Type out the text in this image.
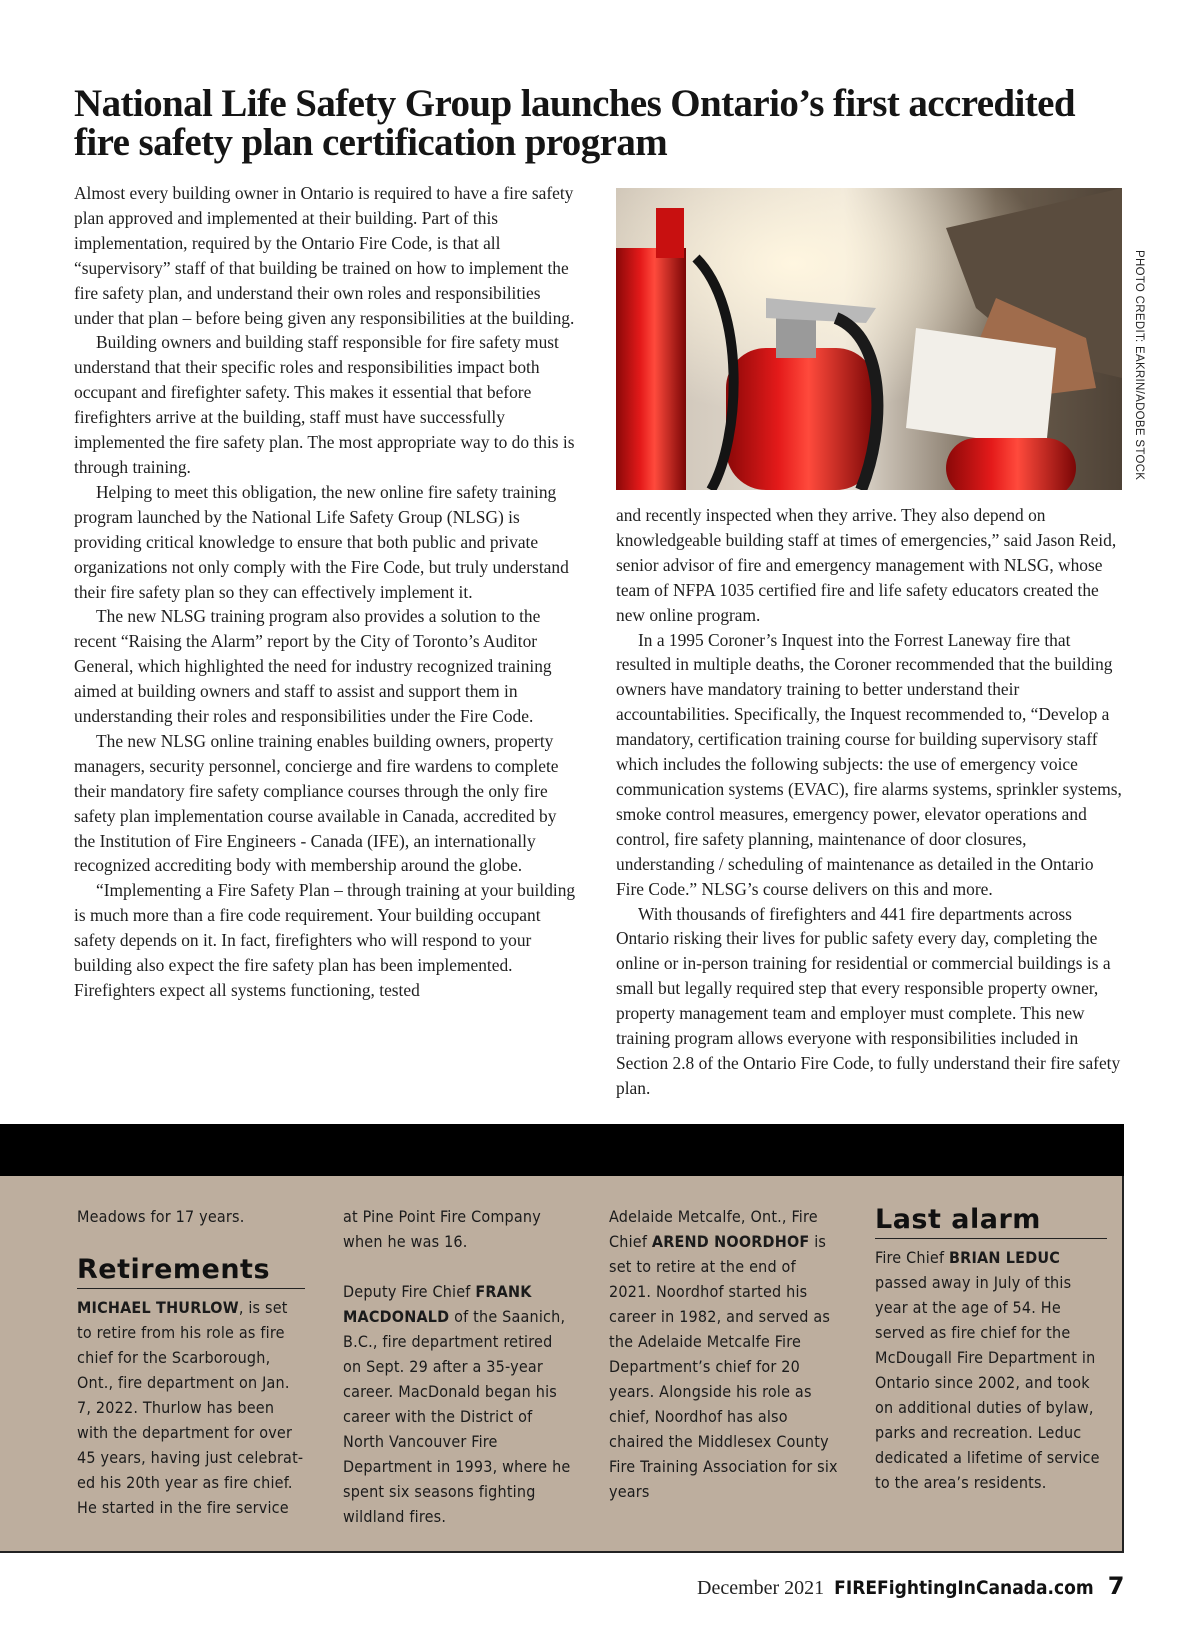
National Life Safety Group launches Ontario’s first accredited fire safety plan certification program

Almost every building owner in Ontario is required to have a fire safety plan approved and implemented at their building. Part of this implementation, required by the Ontario Fire Code, is that all “supervisory” staff of that building be trained on how to implement the fire safety plan, and understand their own roles and responsibilities under that plan – before being given any responsibilities at the building.

Building owners and building staff responsible for fire safety must understand that their specific roles and responsibilities impact both occupant and firefighter safety. This makes it essential that before firefighters arrive at the building, staff must have successfully implemented the fire safety plan. The most appropriate way to do this is through training.

Helping to meet this obligation, the new online fire safety training program launched by the National Life Safety Group (NLSG) is providing critical knowledge to ensure that both public and private organizations not only comply with the Fire Code, but truly understand their fire safety plan so they can effectively implement it.

The new NLSG training program also provides a solution to the recent “Raising the Alarm” report by the City of Toronto’s Auditor General, which highlighted the need for industry recognized training aimed at building owners and staff to assist and support them in understanding their roles and responsibilities under the Fire Code.

The new NLSG online training enables building owners, property managers, security personnel, concierge and fire wardens to complete their mandatory fire safety compliance courses through the only fire safety plan implementation course available in Canada, accredited by the Institution of Fire Engineers - Canada (IFE), an internationally recognized accrediting body with membership around the globe.

“Implementing a Fire Safety Plan – through training at your building is much more than a fire code requirement. Your building occupant safety depends on it. In fact, firefighters who will respond to your building also expect the fire safety plan has been implemented. Firefighters expect all systems functioning, tested

PHOTO CREDIT: EAKRIN/ADOBE STOCK

and recently inspected when they arrive. They also depend on knowledgeable building staff at times of emergencies,” said Jason Reid, senior advisor of fire and emergency management with NLSG, whose team of NFPA 1035 certified fire and life safety educators created the new online program.

In a 1995 Coroner’s Inquest into the Forrest Laneway fire that resulted in multiple deaths, the Coroner recommended that the building owners have mandatory training to better understand their accountabilities. Specifically, the Inquest recommended to, “Develop a mandatory, certification training course for building supervisory staff which includes the following subjects: the use of emergency voice communication systems (EVAC), fire alarms systems, sprinkler systems, smoke control measures, emergency power, elevator operations and control, fire safety planning, maintenance of door closures, understanding / scheduling of maintenance as detailed in the Ontario Fire Code.” NLSG’s course delivers on this and more.

With thousands of firefighters and 441 fire departments across Ontario risking their lives for public safety every day, completing the online or in-person training for residential or commercial buildings is a small but legally required step that every responsible property owner, property management team and employer must complete. This new training program allows everyone with responsibilities included in Section 2.8 of the Ontario Fire Code, to fully understand their fire safety plan.

Meadows for 17 years.

Retirements

MICHAEL THURLOW, is set to retire from his role as fire chief for the Scarborough, Ont., fire department on Jan. 7, 2022. Thurlow has been with the department for over 45 years, having just celebrat-ed his 20th year as fire chief. He started in the fire service

at Pine Point Fire Company when he was 16.

Deputy Fire Chief FRANK MACDONALD of the Saanich, B.C., fire department retired on Sept. 29 after a 35-year career. MacDonald began his career with the District of North Vancouver Fire Department in 1993, where he spent six seasons fighting wildland fires.

Adelaide Metcalfe, Ont., Fire Chief AREND NOORDHOF is set to retire at the end of 2021. Noordhof started his career in 1982, and served as the Adelaide Metcalfe Fire Department’s chief for 20 years. Alongside his role as chief, Noordhof has also chaired the Middlesex County Fire Training Association for six years

Last alarm

Fire Chief BRIAN LEDUC passed away in July of this year at the age of 54. He served as fire chief for the McDougall Fire Department in Ontario since 2002, and took on additional duties of bylaw, parks and recreation. Leduc dedicated a lifetime of service to the area’s residents.

December 2021 FIREFightingInCanada.com 7
